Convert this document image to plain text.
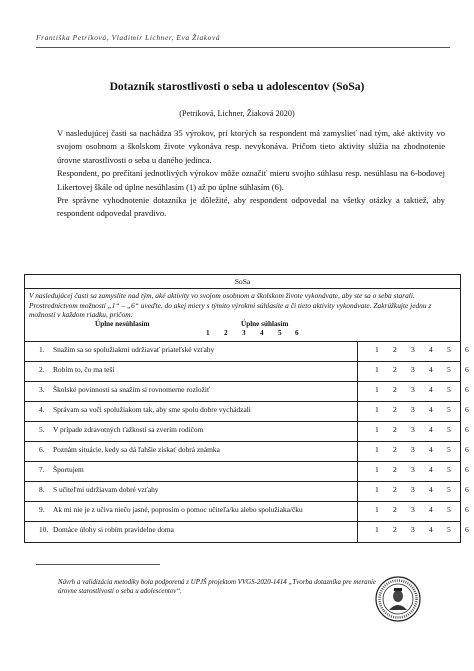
Františka Petriková, Vladimír Lichner, Eva Žiaková
Dotazník starostlivosti o seba u adolescentov (SoSa)
(Petriková, Lichner, Žiaková 2020)

V nasledujúcej časti sa nachádza 35 výrokov, pri ktorých sa respondent má zamyslieť nad tým, aké aktivity vo svojom osobnom a školskom živote vykonáva resp. nevykonáva. Pričom tieto aktivity slúžia na zhodnotenie úrovne starostlivosti o seba u daného jedinca.

Respondent, po prečítaní jednotlivých výrokov môže označiť mieru svojho súhlasu resp. nesúhlasu na 6-bodovej Likertovej škále od úplne nesúhlasím (1) až po úplne súhlasím (6).

Pre správne vyhodnotenie dotazníka je dôležité, aby respondent odpovedal na všetky otázky a taktiež, aby respondent odpovedal pravdivo.

SoSa
V nasledujúcej časti sa zamyslite nad tým, aké aktivity vo svojom osobnom a školskom živote vykonávate, aby ste sa o seba starali.
Prostredníctvom možností „1“ – „6“ uveďte, do akej miery s týmito výrokmi súhlasíte a či tieto aktivity vykonávate. Zakrúžkujte jednu z možností v každom riadku, pričom:
Úplne nesúhlasím	Úplne súhlasím
1 2 3 4 5 6
1.	Snažím sa so spolužiakmi udržiavať priateľské vzťahy	1 2 3 4 5 6
2.	Robím to, čo ma teší	1 2 3 4 5 6
3.	Školské povinnosti sa snažím si rovnomerne rozložiť	1 2 3 4 5 6
4.	Správam sa voči spolužiakom tak, aby sme spolu dobre vychádzali	1 2 3 4 5 6
5.	V prípade zdravotných ťažkostí sa zverím rodičom	1 2 3 4 5 6
6.	Poznám situácie, kedy sa dá ľahšie získať dobrá známka	1 2 3 4 5 6
7.	Športujem	1 2 3 4 5 6
8.	S učiteľmi udržiavam dobré vzťahy	1 2 3 4 5 6
9.	Ak mi nie je z učiva niečo jasné, poprosím o pomoc učiteľa/ku alebo spolužiaka/čku	1 2 3 4 5 6
10. Domáce úlohy si robím pravidelne doma	1 2 3 4 5 6
Návrh a validizácia metodiky bola podporená z UPJŠ projektom VVGS-2020-1414 „Tvorba dotazníka pre meranie úrovne starostlivosti o seba u adolescentov“.
